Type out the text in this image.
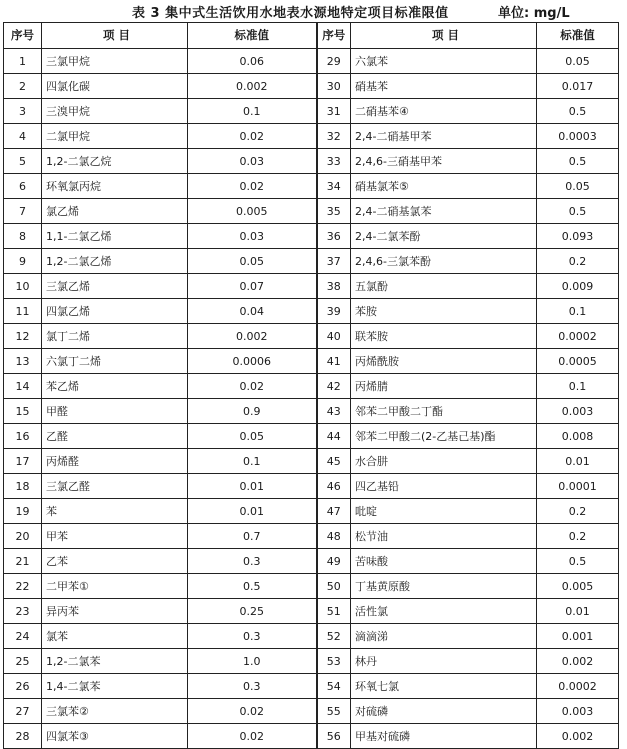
表 3 集中式生活饮用水地表水源地特定项目标准限值	单位: mg/L
序号	项 目	标准值	序号	项 目	标准值
1	三氯甲烷	0.06	29	六氯苯	0.05
2	四氯化碳	0.002	30	硝基苯	0.017
3	三溴甲烷	0.1	31	二硝基苯④	0.5
4	二氯甲烷	0.02	32	2,4-二硝基甲苯	0.0003
5	1,2-二氯乙烷	0.03	33	2,4,6-三硝基甲苯	0.5
6	环氧氯丙烷	0.02	34	硝基氯苯⑤	0.05
7	氯乙烯	0.005	35	2,4-二硝基氯苯	0.5
8	1,1-二氯乙烯	0.03	36	2,4-二氯苯酚	0.093
9	1,2-二氯乙烯	0.05	37	2,4,6-三氯苯酚	0.2
10	三氯乙烯	0.07	38	五氯酚	0.009
11	四氯乙烯	0.04	39	苯胺	0.1
12	氯丁二烯	0.002	40	联苯胺	0.0002
13	六氯丁二烯	0.0006	41	丙烯酰胺	0.0005
14	苯乙烯	0.02	42	丙烯腈	0.1
15	甲醛	0.9	43	邻苯二甲酸二丁酯	0.003
16	乙醛	0.05	44	邻苯二甲酸二(2-乙基己基)酯	0.008
17	丙烯醛	0.1	45	水合肼	0.01
18	三氯乙醛	0.01	46	四乙基铅	0.0001
19	苯	0.01	47	吡啶	0.2
20	甲苯	0.7	48	松节油	0.2
21	乙苯	0.3	49	苦味酸	0.5
22	二甲苯①	0.5	50	丁基黄原酸	0.005
23	异丙苯	0.25	51	活性氯	0.01
24	氯苯	0.3	52	滴滴涕	0.001
25	1,2-二氯苯	1.0	53	林丹	0.002
26	1,4-二氯苯	0.3	54	环氧七氯	0.0002
27	三氯苯②	0.02	55	对硫磷	0.003
28	四氯苯③	0.02	56	甲基对硫磷	0.002
